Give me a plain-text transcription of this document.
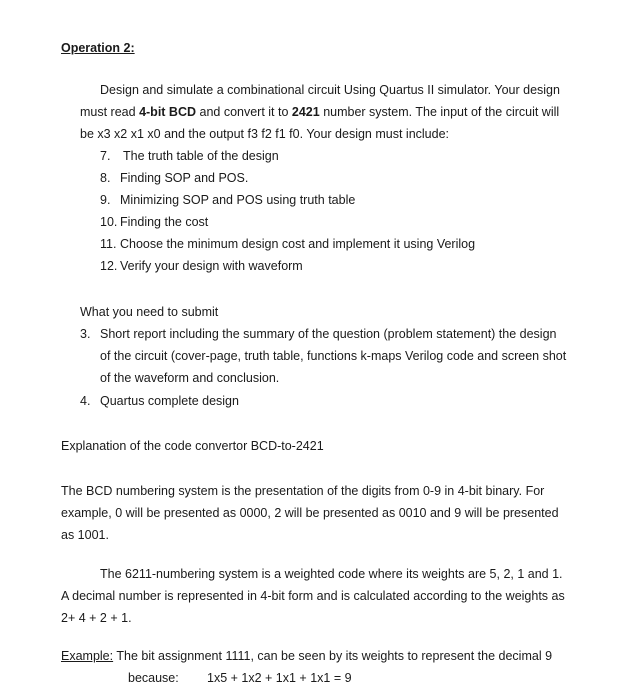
Operation 2:
Design and simulate a combinational circuit Using Quartus II simulator. Your design
must read 4-bit BCD and convert it to 2421 number system. The input of the circuit will
be x3 x2 x1 x0 and the output f3 f2 f1 f0. Your design must include:
7. The truth table of the design
8. Finding SOP and POS.
9. Minimizing SOP and POS using truth table
10. Finding the cost
11. Choose the minimum design cost and implement it using Verilog
12. Verify your design with waveform
What you need to submit
3. Short report including the summary of the question (problem statement) the design
of the circuit (cover-page, truth table, functions k-maps Verilog code and screen shot
of the waveform and conclusion.
4. Quartus complete design
Explanation of the code convertor BCD-to-2421
The BCD numbering system is the presentation of the digits from 0-9 in 4-bit binary. For
example, 0 will be presented as 0000, 2 will be presented as 0010 and 9 will be presented
as 1001.
The 6211-numbering system is a weighted code where its weights are 5, 2, 1 and 1.
A decimal number is represented in 4-bit form and is calculated according to the weights as
2+ 4 + 2 + 1.
Example: The bit assignment 1111, can be seen by its weights to represent the decimal 9
because: 1x5 + 1x2 + 1x1 + 1x1 = 9
